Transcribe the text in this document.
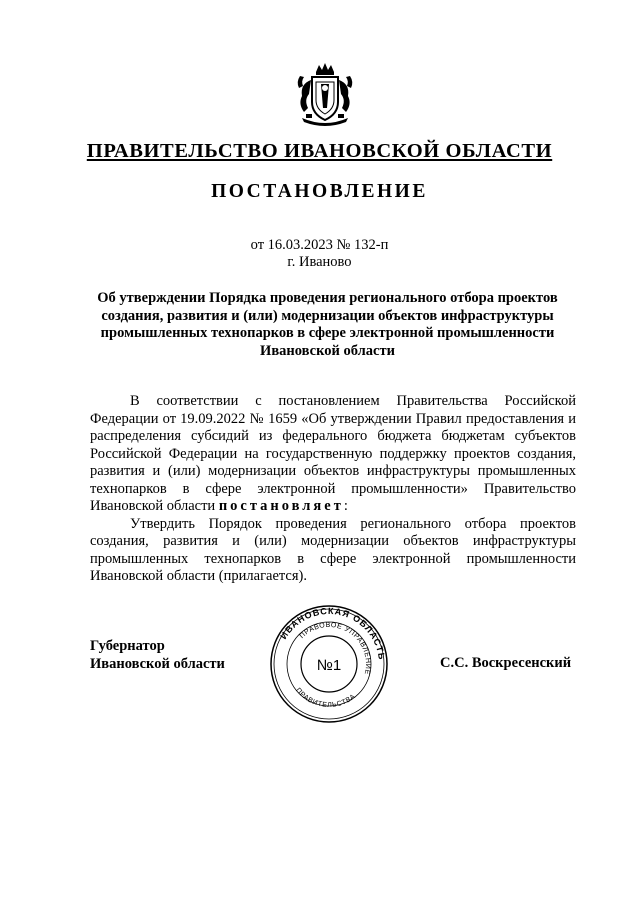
ПРАВИТЕЛЬСТВО ИВАНОВСКОЙ ОБЛАСТИ
ПОСТАНОВЛЕНИЕ
от 16.03.2023 № 132-п
г. Иваново
Об утверждении Порядка проведения регионального отбора проектов создания, развития и (или) модернизации объектов инфраструктуры промышленных технопарков в сфере электронной промышленности Ивановской области

В соответствии с постановлением Правительства Российской Федерации от 19.09.2022 № 1659 «Об утверждении Правил предоставления и распределения субсидий из федерального бюджета бюджетам субъектов Российской Федерации на государственную поддержку проектов создания, развития и (или) модернизации объектов инфраструктуры промышленных технопарков в сфере электронной промышленности» Правительство Ивановской области постановляет:

Утвердить Порядок проведения регионального отбора проектов создания, развития и (или) модернизации объектов инфраструктуры промышленных технопарков в сфере электронной промышленности Ивановской области (прилагается).

Губернатор
Ивановской области
ИВАНОВСКАЯ ОБЛАСТЬ
ПРАВОВОЕ УПРАВЛЕНИЕ
ПРАВИТЕЛЬСТВА
№1	С.С. Воскресенский
